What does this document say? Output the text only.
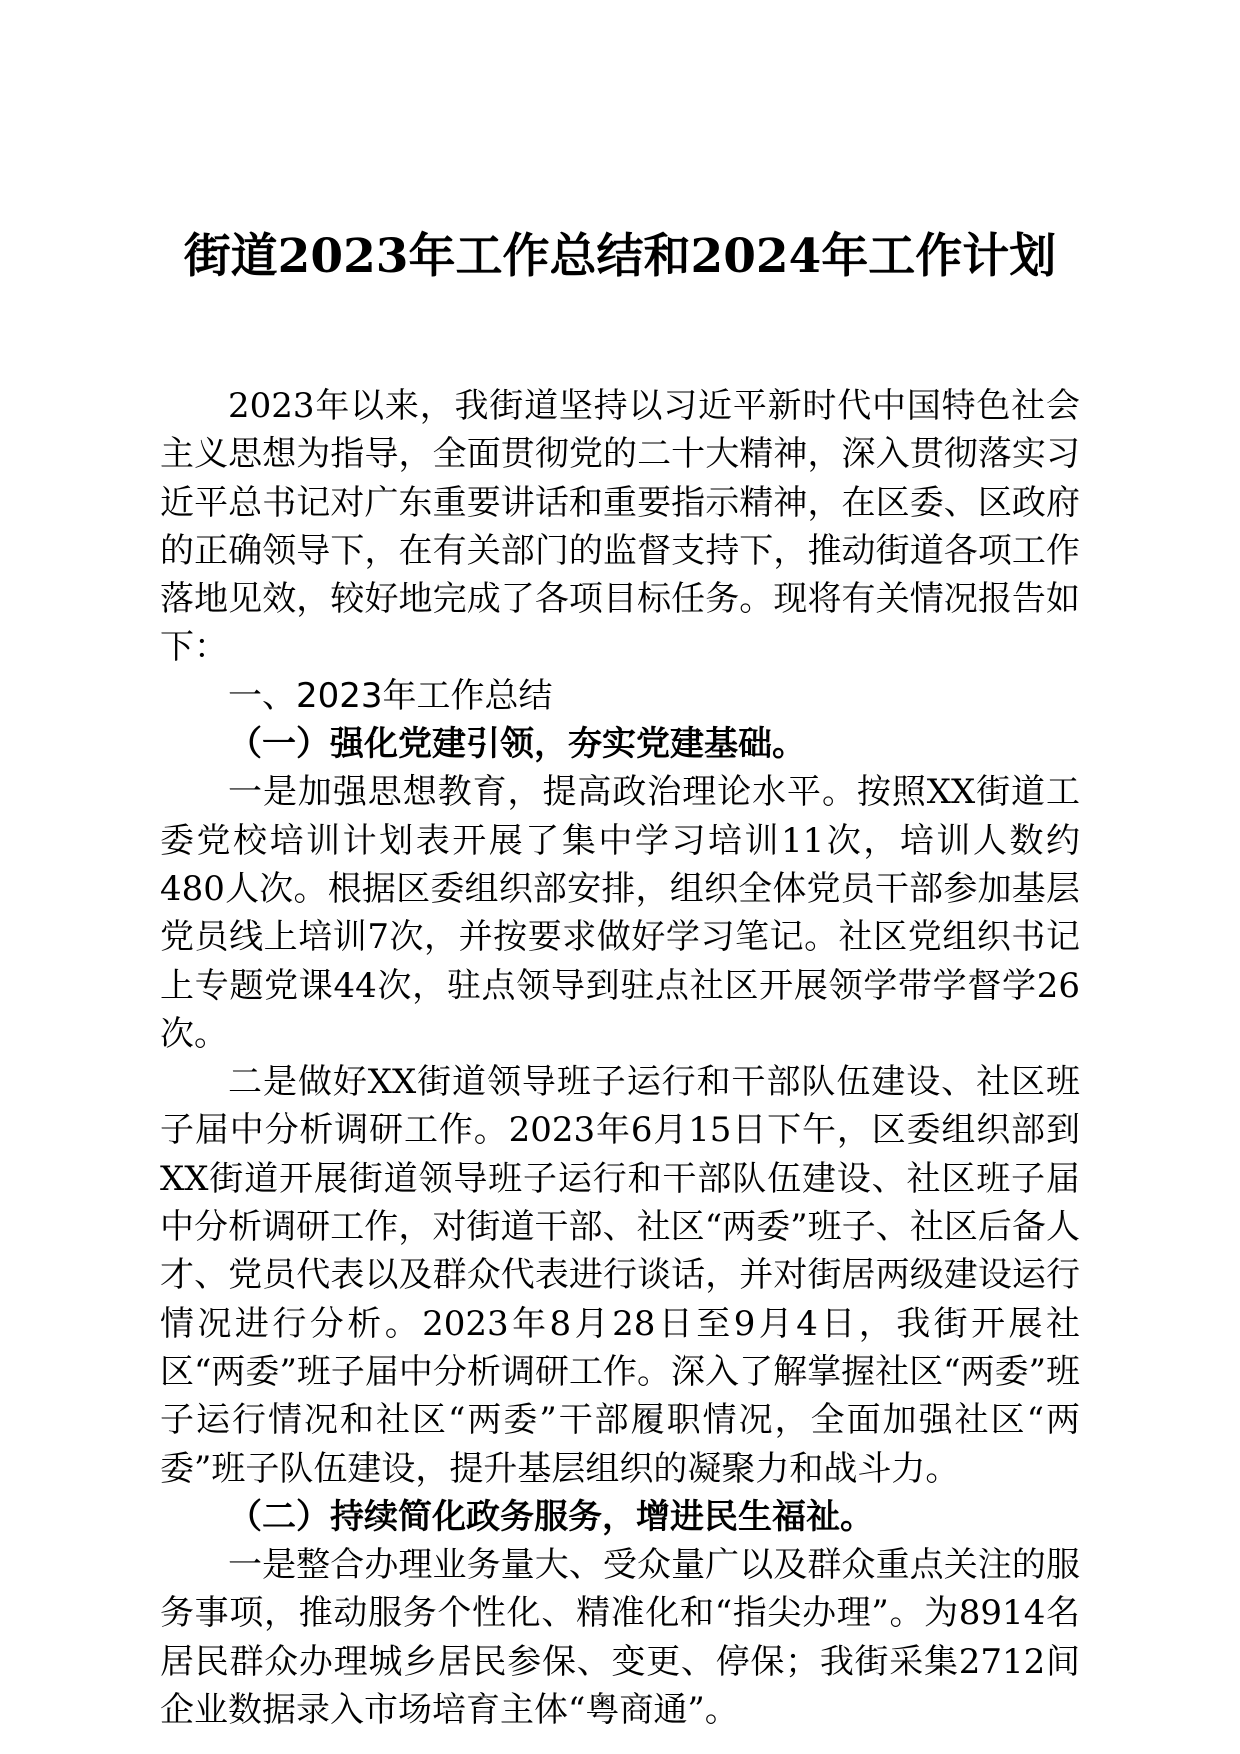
街道2023年工作总结和2024年工作计划

2023年以来，我街道坚持以习近平新时代中国特色社会主义思想为指导，全面贯彻党的二十大精神，深入贯彻落实习近平总书记对广东重要讲话和重要指示精神，在区委、区政府的正确领导下，在有关部门的监督支持下，推动街道各项工作落地见效，较好地完成了各项目标任务。现将有关情况报告如下：

一、2023年工作总结

（一）强化党建引领，夯实党建基础。

一是加强思想教育，提高政治理论水平。按照XX街道工委党校培训计划表开展了集中学习培训11次，培训人数约480人次。根据区委组织部安排，组织全体党员干部参加基层党员线上培训7次，并按要求做好学习笔记。社区党组织书记上专题党课44次，驻点领导到驻点社区开展领学带学督学26次。

二是做好XX街道领导班子运行和干部队伍建设、社区班子届中分析调研工作。2023年6月15日下午，区委组织部到XX街道开展街道领导班子运行和干部队伍建设、社区班子届中分析调研工作，对街道干部、社区“两委”班子、社区后备人才、党员代表以及群众代表进行谈话，并对街居两级建设运行情况进行分析。2023年8月28日至9月4日，我街开展社区“两委”班子届中分析调研工作。深入了解掌握社区“两委”班子运行情况和社区“两委”干部履职情况，全面加强社区“两委”班子队伍建设，提升基层组织的凝聚力和战斗力。

（二）持续简化政务服务，增进民生福祉。

一是整合办理业务量大、受众量广以及群众重点关注的服务事项，推动服务个性化、精准化和“指尖办理”。为8914名居民群众办理城乡居民参保、变更、停保；我街采集2712间企业数据录入市场培育主体“粤商通”。
